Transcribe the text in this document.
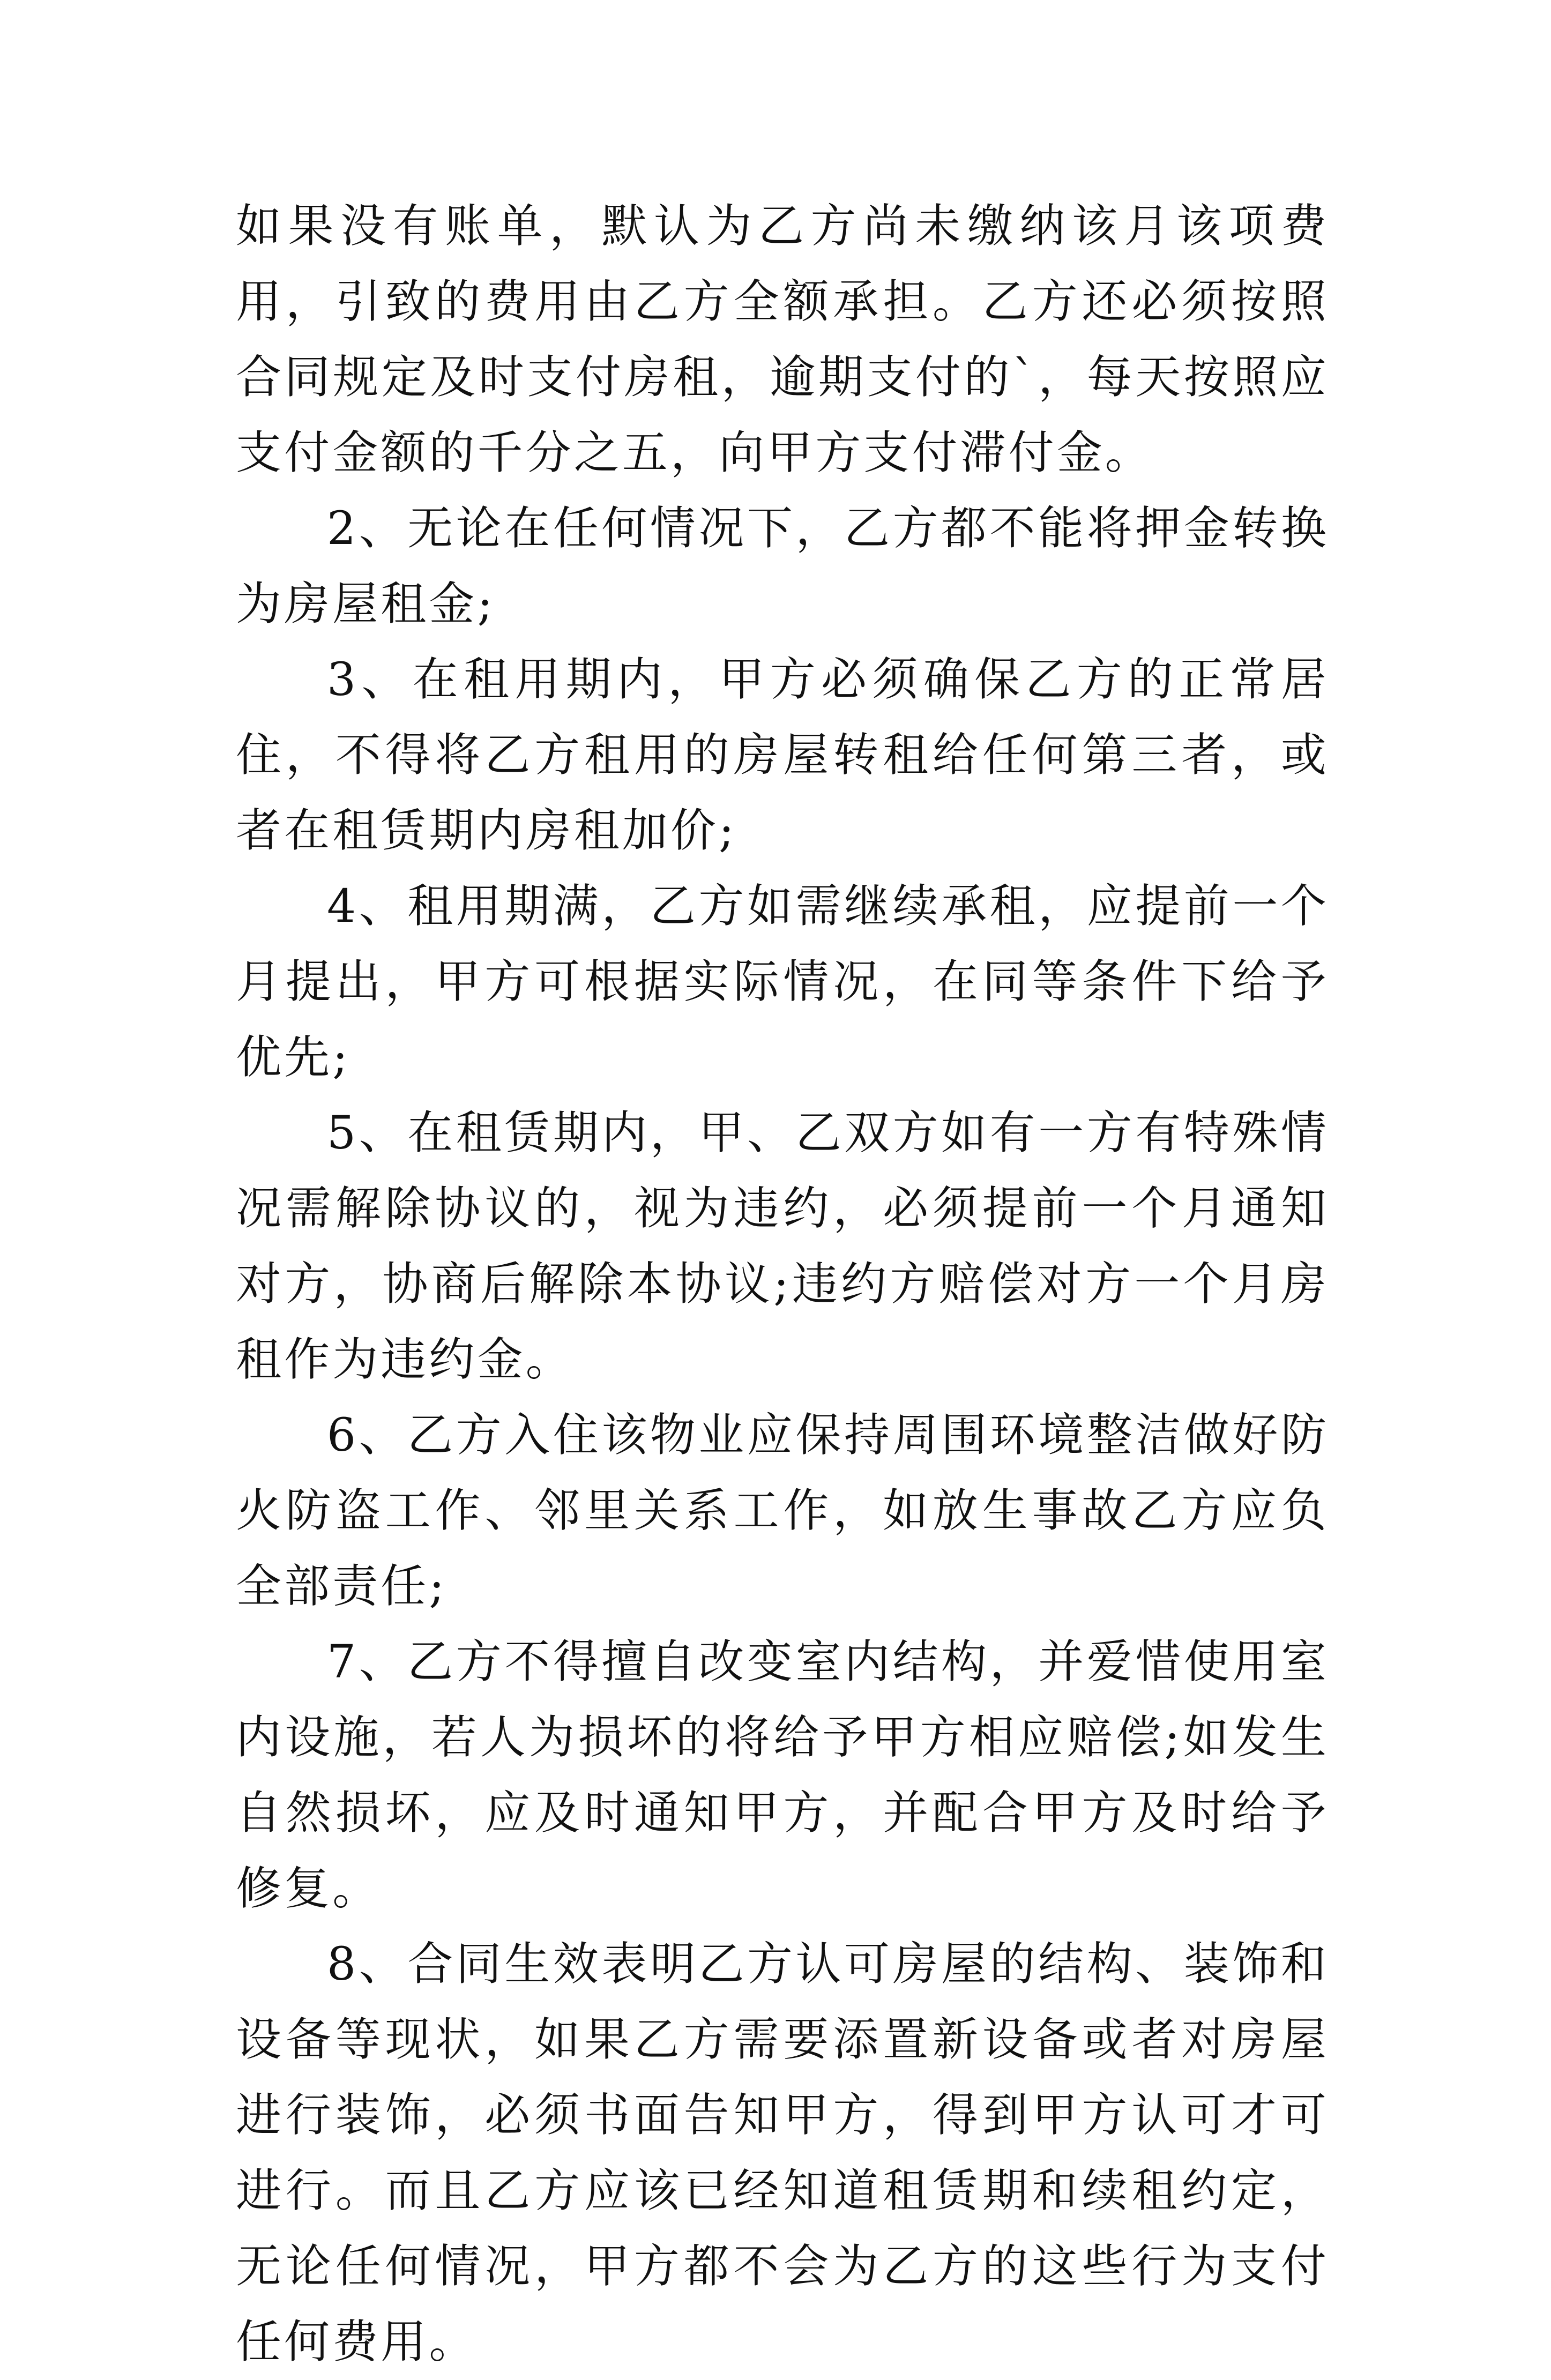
如果没有账单，默认为乙方尚未缴纳该月该项费用，引致的费用由乙方全额承担。乙方还必须按照合同规定及时支付房租，逾期支付的`，每天按照应支付金额的千分之五，向甲方支付滞付金。

2、无论在任何情况下，乙方都不能将押金转换为房屋租金;

3、在租用期内，甲方必须确保乙方的正常居住，不得将乙方租用的房屋转租给任何第三者，或者在租赁期内房租加价;

4、租用期满，乙方如需继续承租，应提前一个月提出，甲方可根据实际情况，在同等条件下给予优先;

5、在租赁期内，甲、乙双方如有一方有特殊情况需解除协议的，视为违约，必须提前一个月通知对方，协商后解除本协议;违约方赔偿对方一个月房租作为违约金。

6、乙方入住该物业应保持周围环境整洁做好防火防盗工作、邻里关系工作，如放生事故乙方应负全部责任;

7、乙方不得擅自改变室内结构，并爱惜使用室内设施，若人为损坏的将给予甲方相应赔偿;如发生自然损坏，应及时通知甲方，并配合甲方及时给予修复。

8、合同生效表明乙方认可房屋的结构、装饰和设备等现状，如果乙方需要添置新设备或者对房屋进行装饰，必须书面告知甲方，得到甲方认可才可进行。而且乙方应该已经知道租赁期和续租约定，无论任何情况，甲方都不会为乙方的这些行为支付任何费用。
